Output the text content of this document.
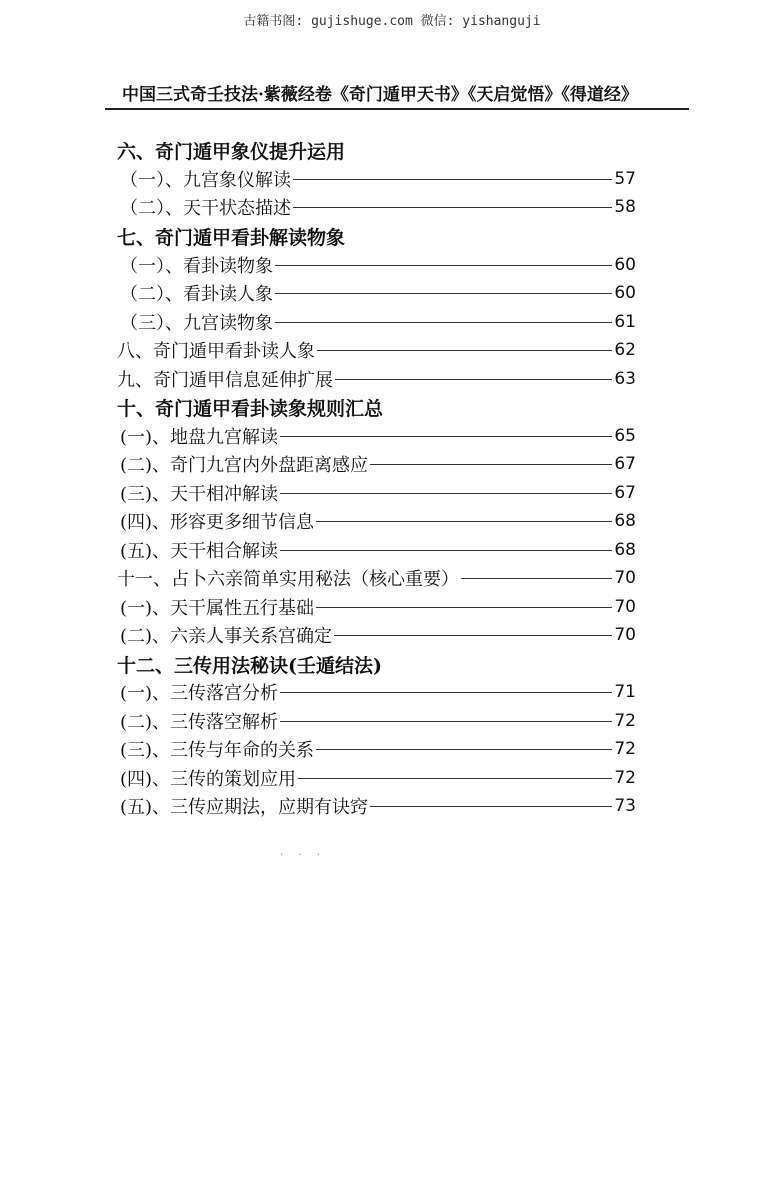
古籍书阁: gujishuge.com 微信: yishanguji
中国三式奇壬技法·紫薇经卷《奇门遁甲天书》《天启觉悟》《得道经》
六、奇门遁甲象仪提升运用
（一）、九宫象仪解读	57
（二）、天干状态描述	58
七、奇门遁甲看卦解读物象
（一）、看卦读物象	60
（二）、看卦读人象	60
（三）、九宫读物象	61
八、奇门遁甲看卦读人象	62
九、奇门遁甲信息延伸扩展	63
十、奇门遁甲看卦读象规则汇总
(一)、地盘九宫解读	65
(二)、奇门九宫内外盘距离感应	67
(三)、天干相冲解读	67
(四)、形容更多细节信息	68
(五)、天干相合解读	68
十一、占卜六亲简单实用秘法（核心重要）	70
(一)、天干属性五行基础	70
(二)、六亲人事关系宫确定	70
十二、三传用法秘诀(壬遁结法)
(一)、三传落宫分析	71
(二)、三传落空解析	72
(三)、三传与年命的关系	72
(四)、三传的策划应用	72
(五)、三传应期法，应期有诀窍	73
· · ·
